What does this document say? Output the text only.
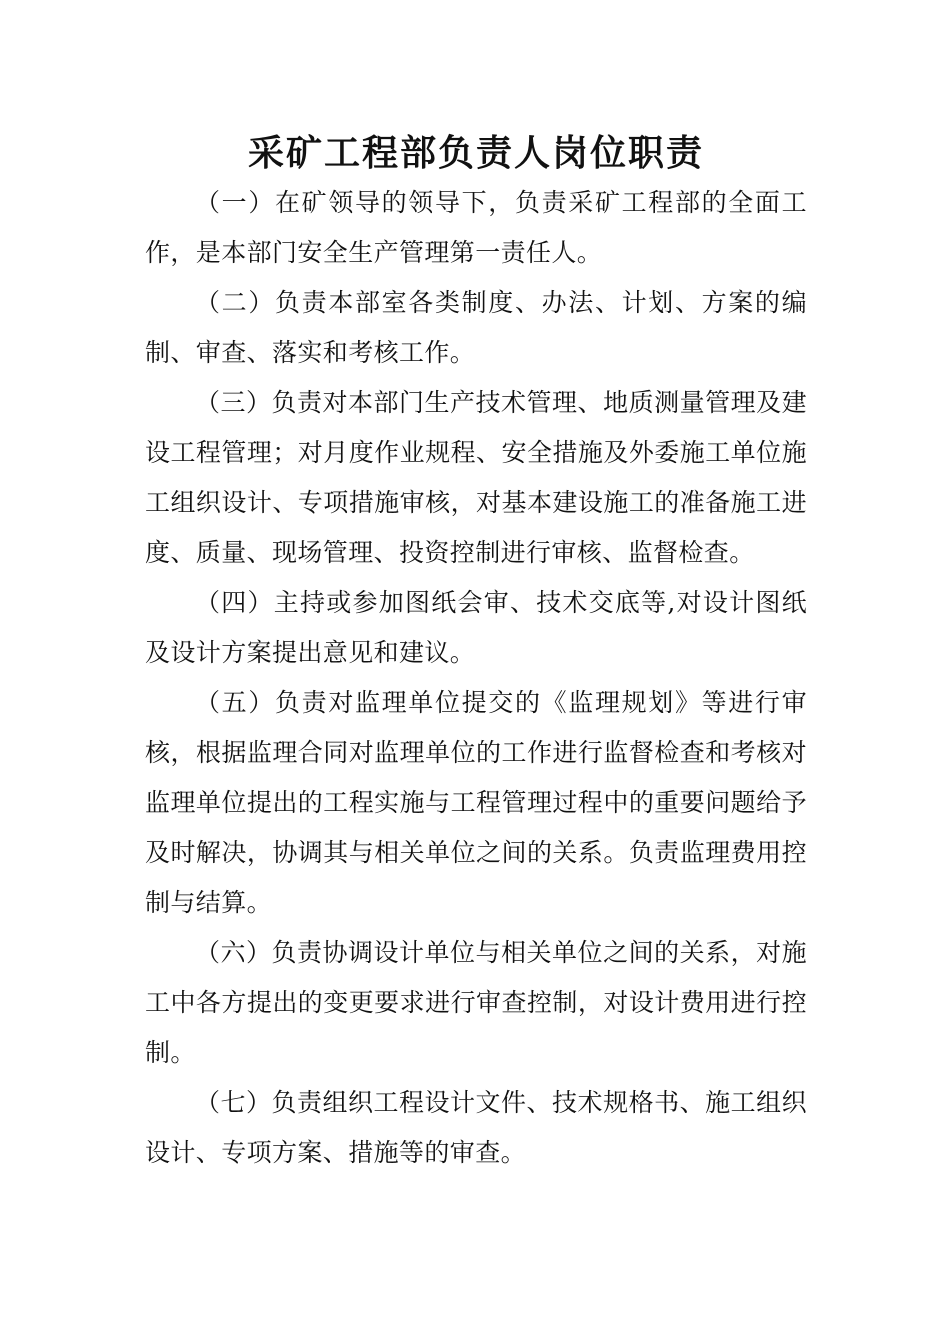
采矿工程部负责人岗位职责

（一）在矿领导的领导下，负责采矿工程部的全面工作，是本部门安全生产管理第一责任人。

（二）负责本部室各类制度、办法、计划、方案的编制、审查、落实和考核工作。

（三）负责对本部门生产技术管理、地质测量管理及建设工程管理；对月度作业规程、安全措施及外委施工单位施工组织设计、专项措施审核，对基本建设施工的准备施工进度、质量、现场管理、投资控制进行审核、监督检查。

（四）主持或参加图纸会审、技术交底等,对设计图纸及设计方案提出意见和建议。

（五）负责对监理单位提交的《监理规划》等进行审核，根据监理合同对监理单位的工作进行监督检查和考核对监理单位提出的工程实施与工程管理过程中的重要问题给予及时解决，协调其与相关单位之间的关系。负责监理费用控制与结算。

（六）负责协调设计单位与相关单位之间的关系，对施工中各方提出的变更要求进行审查控制，对设计费用进行控制。

（七）负责组织工程设计文件、技术规格书、施工组织设计、专项方案、措施等的审查。
